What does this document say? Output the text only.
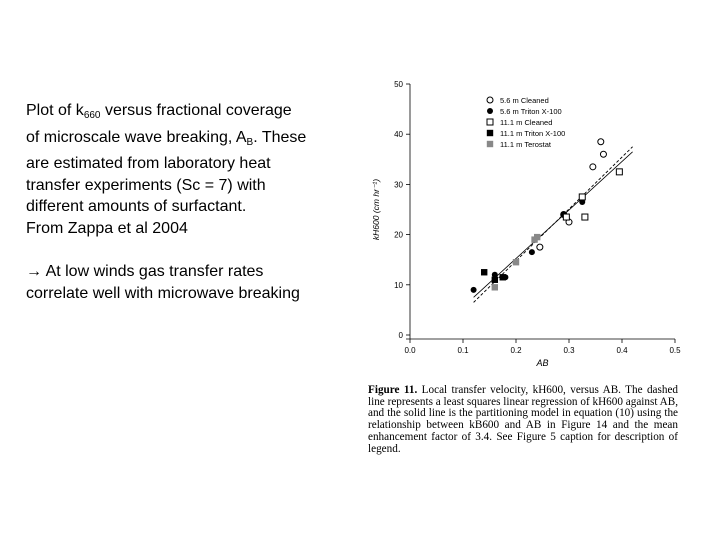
Plot of $k_{660}$ versus fractional coverage

of microscale wave breaking, $A_B$. These

are estimated from laboratory heat

transfer experiments (Sc = 7) with

different amounts of surfactant.

From Zappa et al 2004

→ At low winds gas transfer rates

correlate well with microwave breaking

0
10
20
30
40
50
0.0	0.1	0.2	0.3	0.4	0.5
AB
kH600 (cm hr⁻¹)
5.6 m Cleaned
5.6 m Triton X-100
11.1 m Cleaned
11.1 m Triton X-100
11.1 m Terostat
Figure 11. Local transfer velocity, kH600, versus AB. The dashed line represents a least squares linear regression of kH600 against AB, and the solid line is the partitioning model in equation (10) using the relationship between kB600 and AB in Figure 14 and the mean enhancement factor of 3.4. See Figure 5 caption for description of legend.
